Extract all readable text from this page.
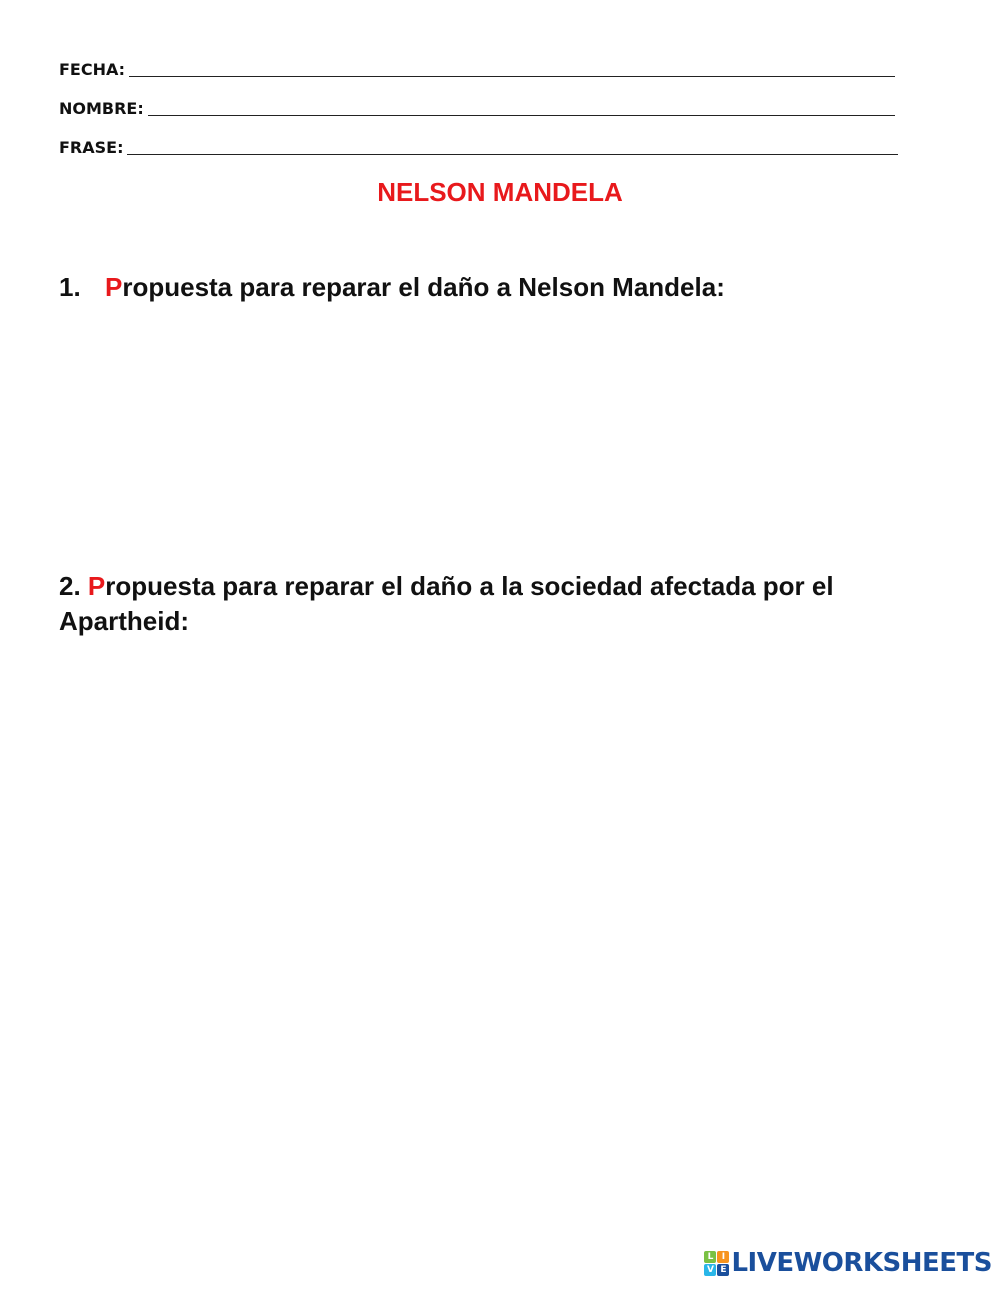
FECHA:
NOMBRE:
FRASE:
NELSON MANDELA
1. Propuesta para reparar el daño a Nelson Mandela:
2. Propuesta para reparar el daño a la sociedad afectada por el Apartheid:
L I
V E LIVEWORKSHEETS
